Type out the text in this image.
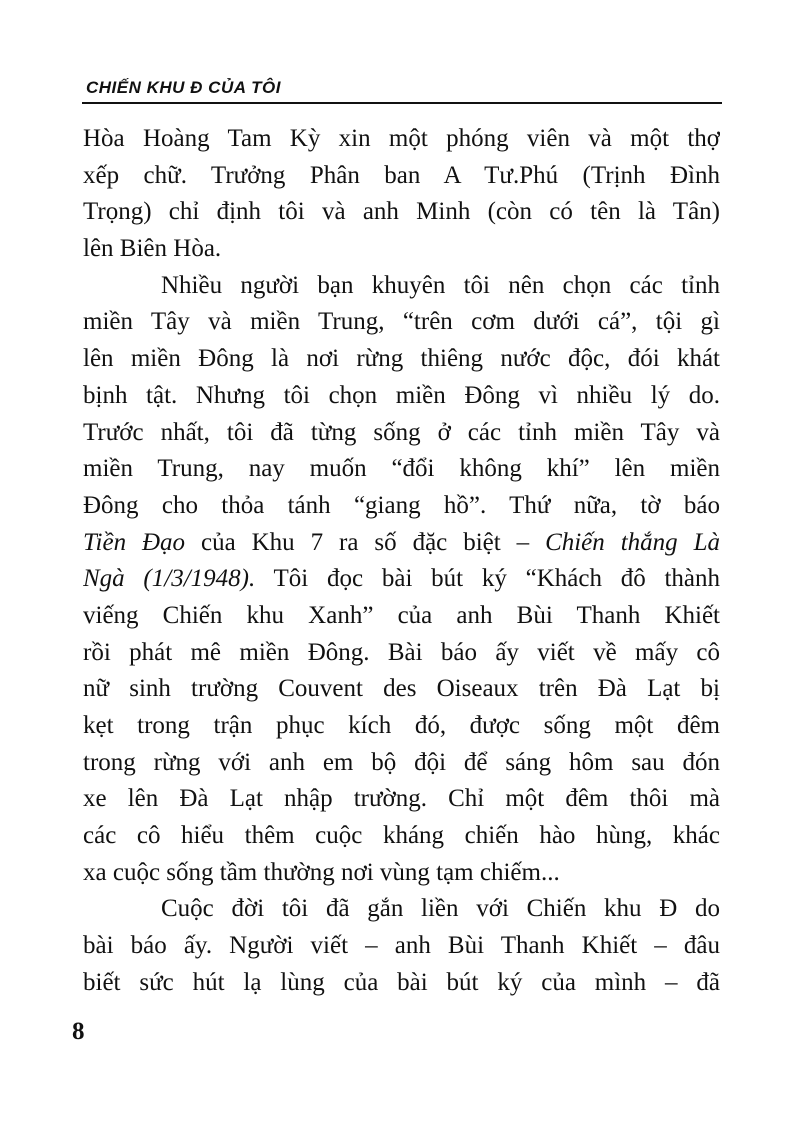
CHIẾN KHU Đ CỦA TÔI
Hòa Hoàng Tam Kỳ xin một phóng viên và một thợ
xếp chữ. Trưởng Phân ban A Tư.Phú (Trịnh Đình
Trọng) chỉ định tôi và anh Minh (còn có tên là Tân)
lên Biên Hòa.
Nhiều người bạn khuyên tôi nên chọn các tỉnh
miền Tây và miền Trung, “trên cơm dưới cá”, tội gì
lên miền Đông là nơi rừng thiêng nước độc, đói khát
bịnh tật. Nhưng tôi chọn miền Đông vì nhiều lý do.
Trước nhất, tôi đã từng sống ở các tỉnh miền Tây và
miền Trung, nay muốn “đổi không khí” lên miền
Đông cho thỏa tánh “giang hồ”. Thứ nữa, tờ báo
Tiền Đạo của Khu 7 ra số đặc biệt – Chiến thắng Là
Ngà (1/3/1948). Tôi đọc bài bút ký “Khách đô thành
viếng Chiến khu Xanh” của anh Bùi Thanh Khiết
rồi phát mê miền Đông. Bài báo ấy viết về mấy cô
nữ sinh trường Couvent des Oiseaux trên Đà Lạt bị
kẹt trong trận phục kích đó, được sống một đêm
trong rừng với anh em bộ đội để sáng hôm sau đón
xe lên Đà Lạt nhập trường. Chỉ một đêm thôi mà
các cô hiểu thêm cuộc kháng chiến hào hùng, khác
xa cuộc sống tầm thường nơi vùng tạm chiếm...
Cuộc đời tôi đã gắn liền với Chiến khu Đ do
bài báo ấy. Người viết – anh Bùi Thanh Khiết – đâu
biết sức hút lạ lùng của bài bút ký của mình – đã
8
